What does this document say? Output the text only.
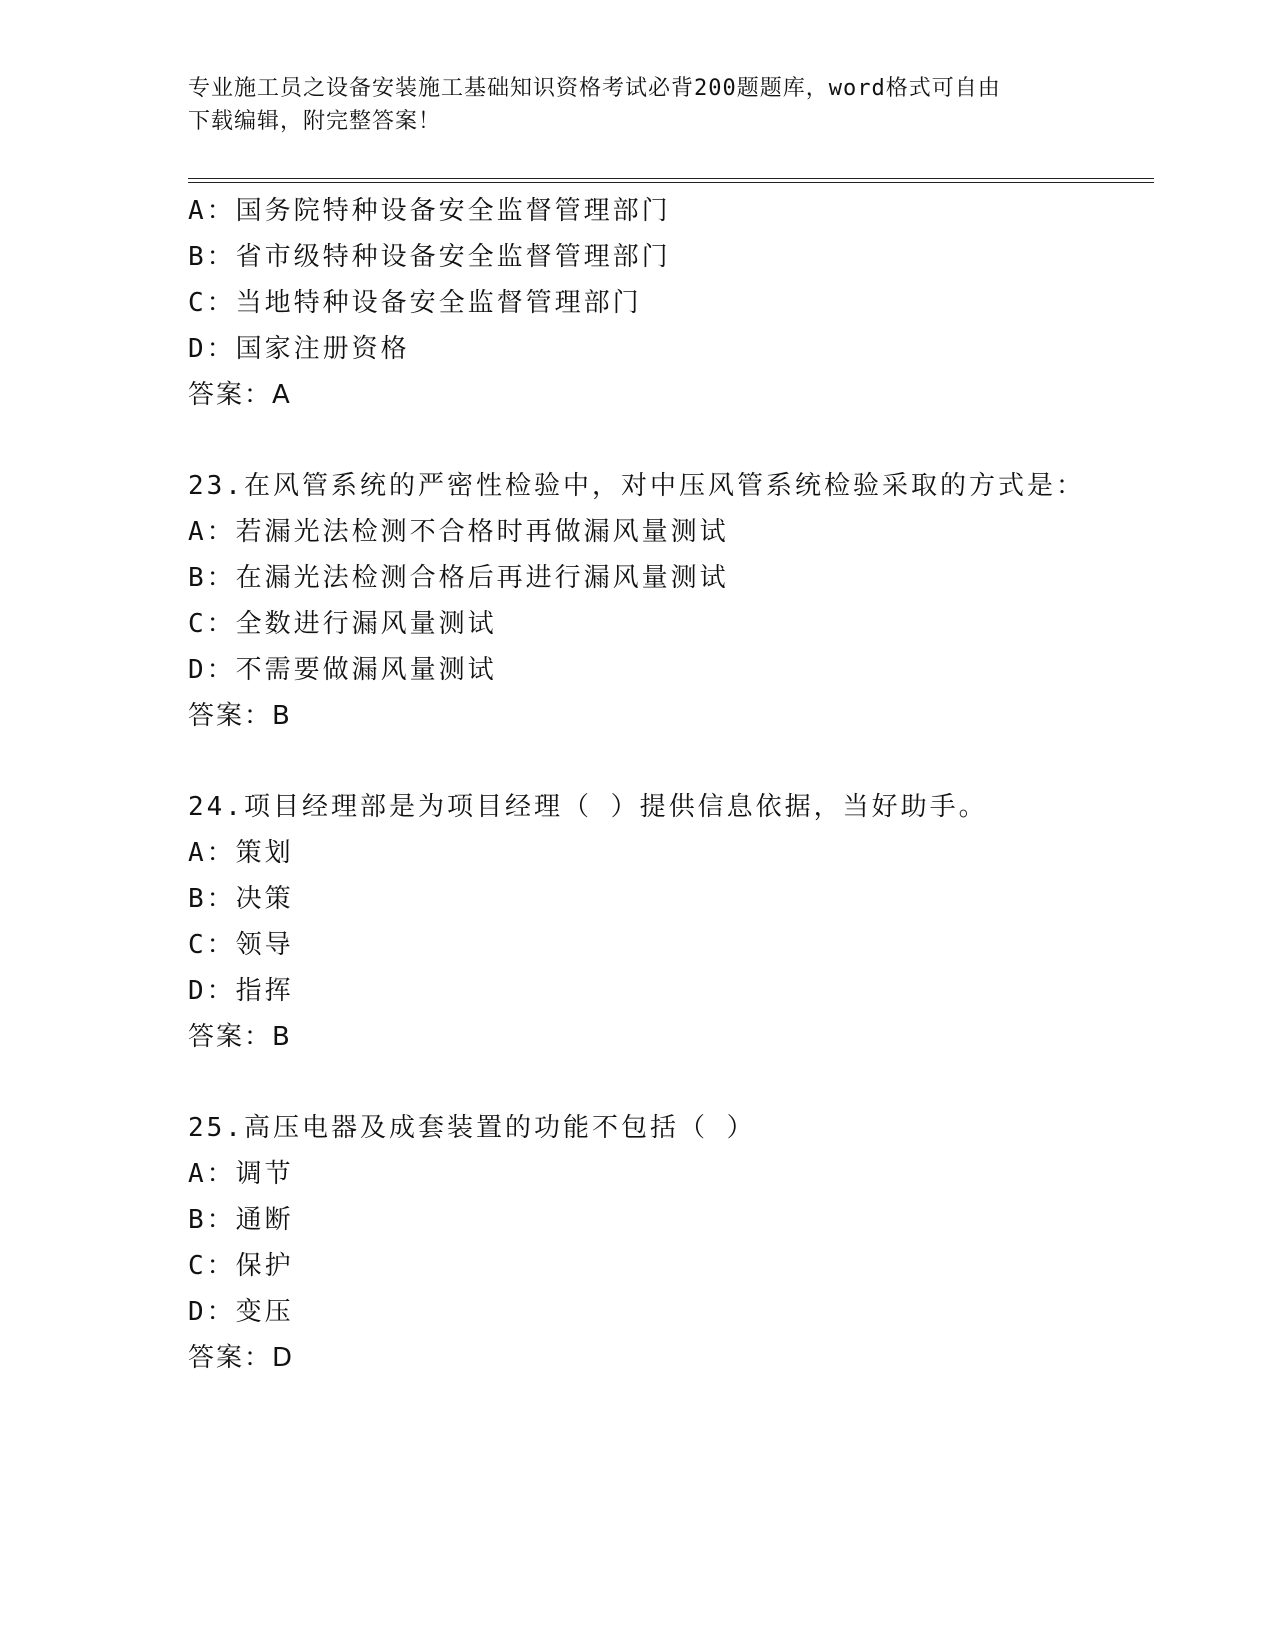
专业施工员之设备安装施工基础知识资格考试必背200题题库，word格式可自由
下载编辑，附完整答案！
A：国务院特种设备安全监督管理部门
B：省市级特种设备安全监督管理部门
C：当地特种设备安全监督管理部门
D：国家注册资格
答案：A
23.在风管系统的严密性检验中，对中压风管系统检验采取的方式是：
A：若漏光法检测不合格时再做漏风量测试
B：在漏光法检测合格后再进行漏风量测试
C：全数进行漏风量测试
D：不需要做漏风量测试
答案：B
24.项目经理部是为项目经理（ ）提供信息依据，当好助手。
A：策划
B：决策
C：领导
D：指挥
答案：B
25.高压电器及成套装置的功能不包括（ ）
A：调节
B：通断
C：保护
D：变压
答案：D
